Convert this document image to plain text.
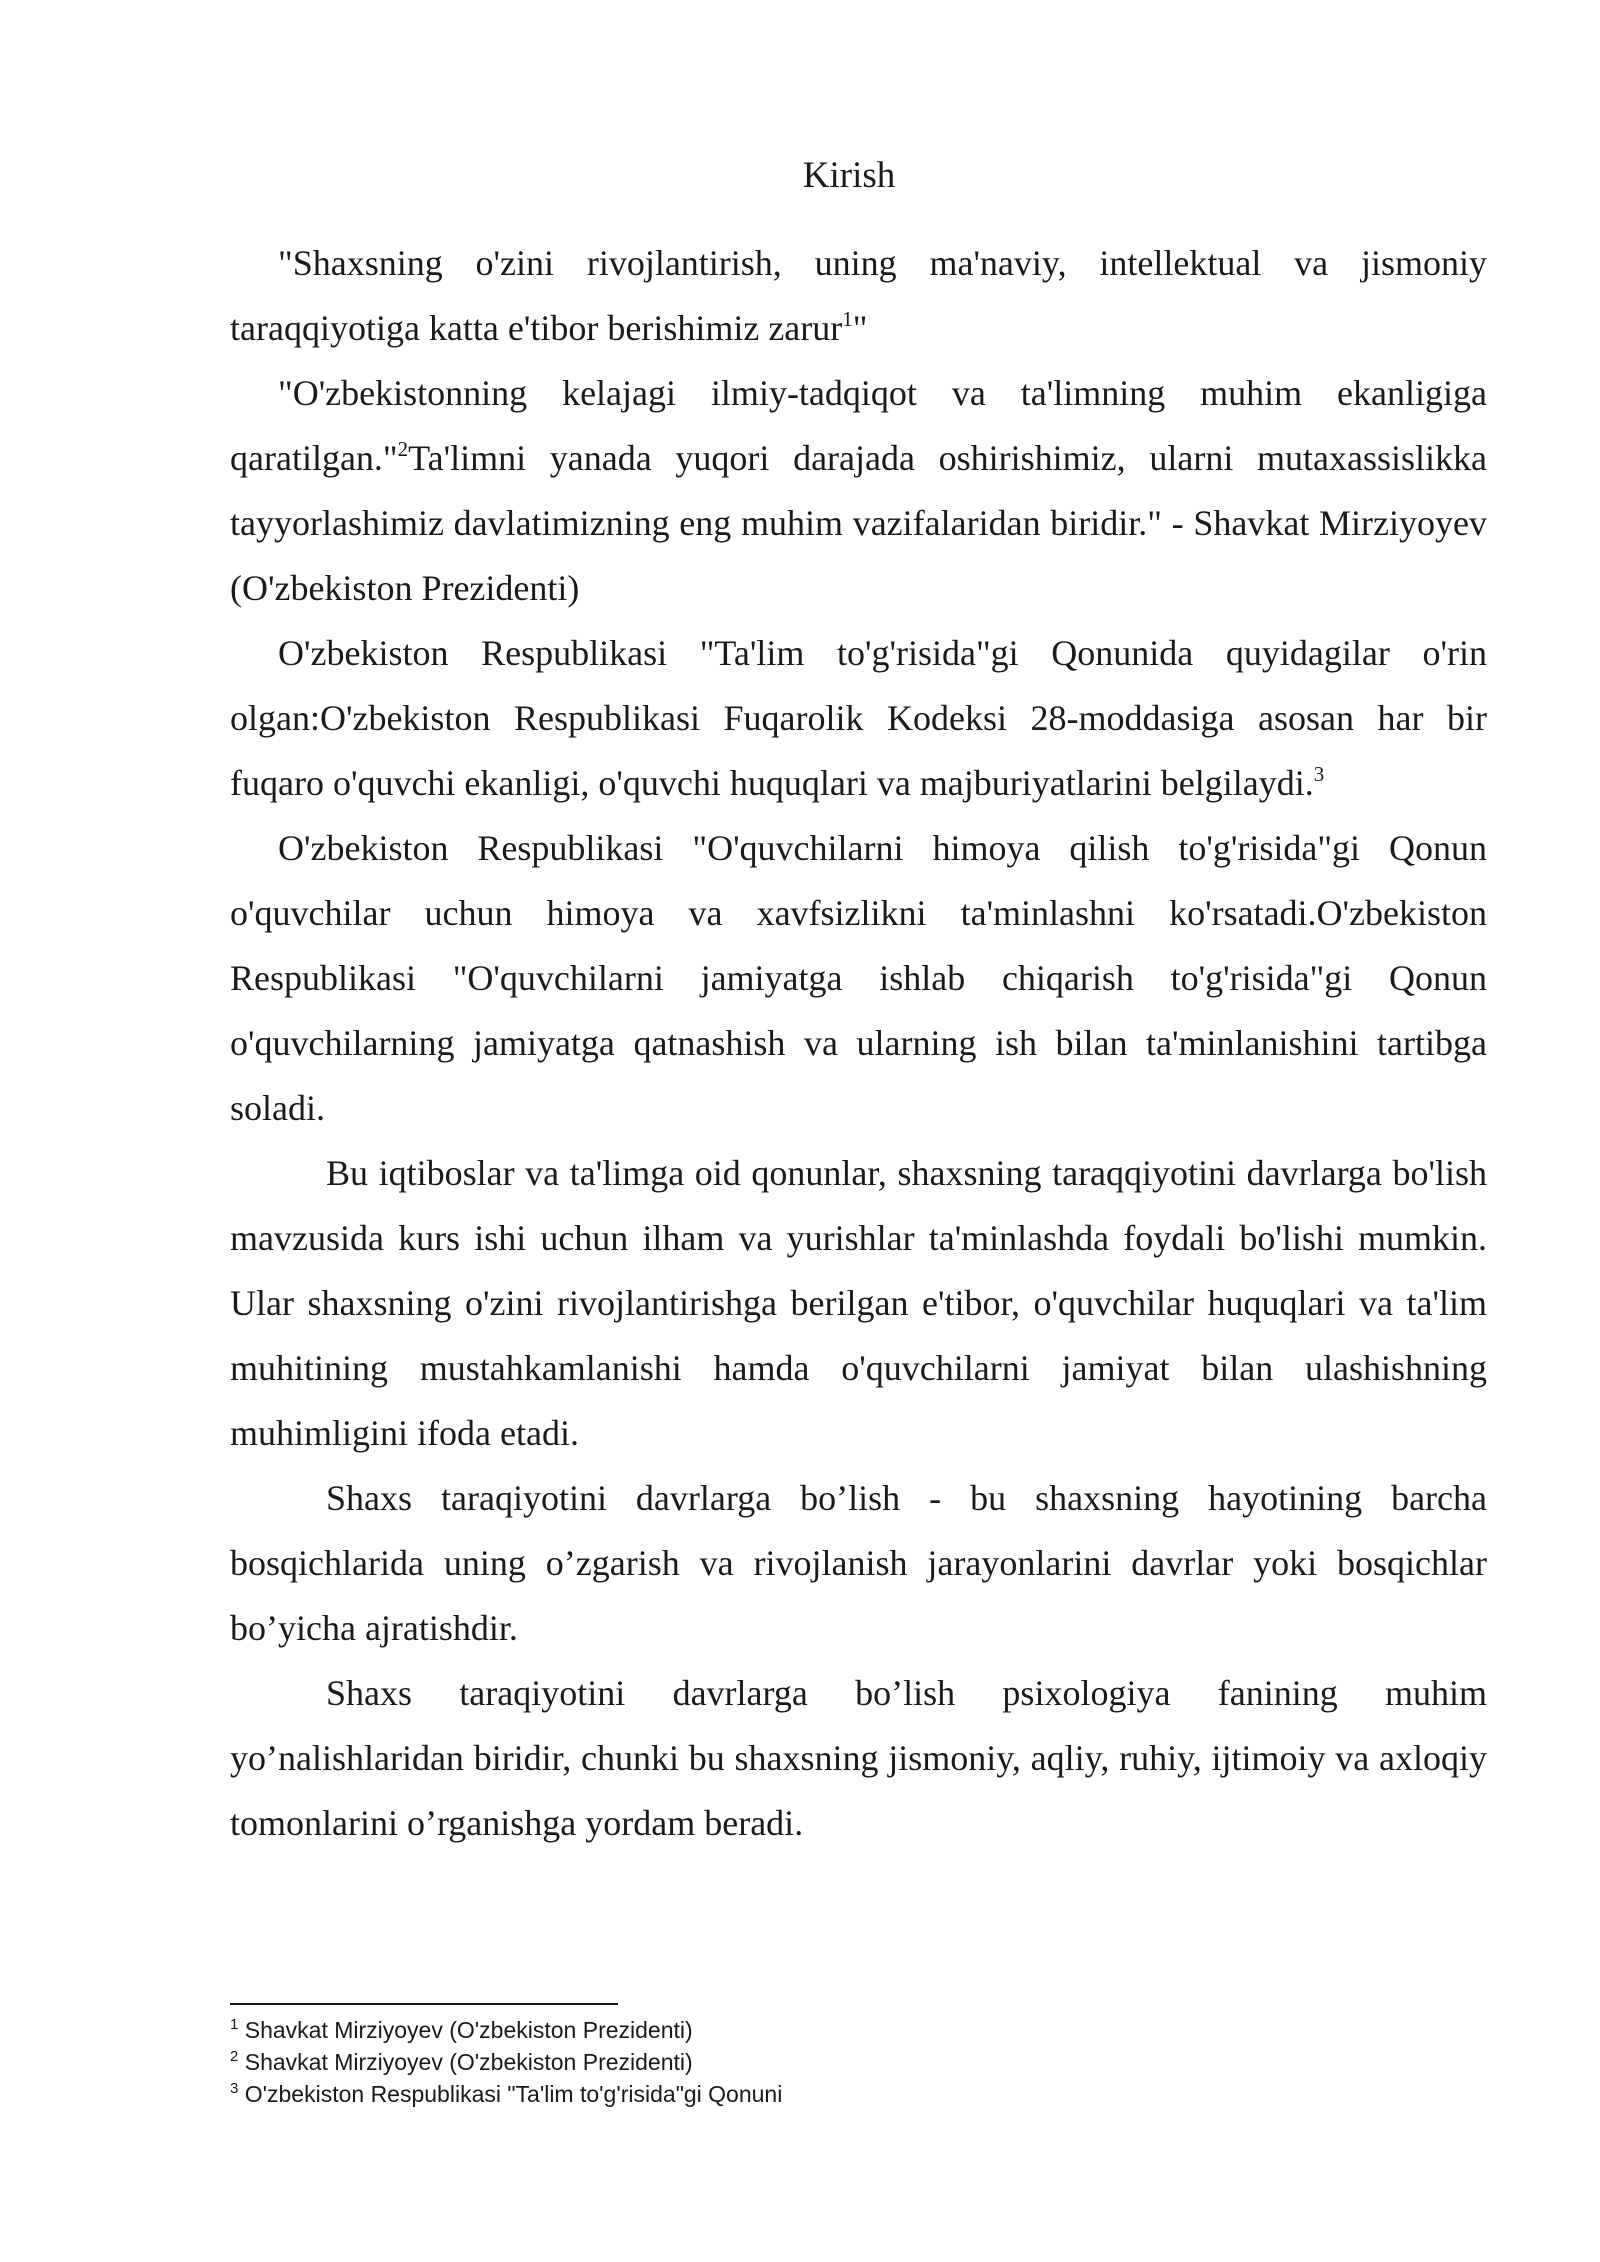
Kirish

"Shaxsning o'zini rivojlantirish, uning ma'naviy, intellektual va jismoniy taraqqiyotiga katta e'tibor berishimiz zarur$^1$"

"O'zbekistonning kelajagi ilmiy-tadqiqot va ta'limning muhim ekanligiga qaratilgan."$^2$Ta'limni yanada yuqori darajada oshirishimiz, ularni mutaxassislikka tayyorlashimiz davlatimizning eng muhim vazifalaridan biridir." - Shavkat Mirziyoyev (O'zbekiston Prezidenti)

O'zbekiston Respublikasi "Ta'lim to'g'risida"gi Qonunida quyidagilar o'rin olgan:O'zbekiston Respublikasi Fuqarolik Kodeksi 28-moddasiga asosan har bir fuqaro o'quvchi ekanligi, o'quvchi huquqlari va majburiyatlarini belgilaydi.$^3$

O'zbekiston Respublikasi "O'quvchilarni himoya qilish to'g'risida"gi Qonun o'quvchilar uchun himoya va xavfsizlikni ta'minlashni ko'rsatadi.O'zbekiston Respublikasi "O'quvchilarni jamiyatga ishlab chiqarish to'g'risida"gi Qonun o'quvchilarning jamiyatga qatnashish va ularning ish bilan ta'minlanishini tartibga soladi.

Bu iqtiboslar va ta'limga oid qonunlar, shaxsning taraqqiyotini davrlarga bo'lish mavzusida kurs ishi uchun ilham va yurishlar ta'minlashda foydali bo'lishi mumkin. Ular shaxsning o'zini rivojlantirishga berilgan e'tibor, o'quvchilar huquqlari va ta'lim muhitining mustahkamlanishi hamda o'quvchilarni jamiyat bilan ulashishning muhimligini ifoda etadi.

Shaxs taraqiyotini davrlarga bo’lish - bu shaxsning hayotining barcha bosqichlarida uning o’zgarish va rivojlanish jarayonlarini davrlar yoki bosqichlar bo’yicha ajratishdir.

Shaxs taraqiyotini davrlarga bo’lish psixologiya fanining muhim yo’nalishlaridan biridir, chunki bu shaxsning jismoniy, aqliy, ruhiy, ijtimoiy va axloqiy tomonlarini o’rganishga yordam beradi.

$^1$ Shavkat Mirziyoyev (O'zbekiston Prezidenti)
$^2$ Shavkat Mirziyoyev (O'zbekiston Prezidenti)
$^3$ O'zbekiston Respublikasi "Ta'lim to'g'risida"gi Qonuni
